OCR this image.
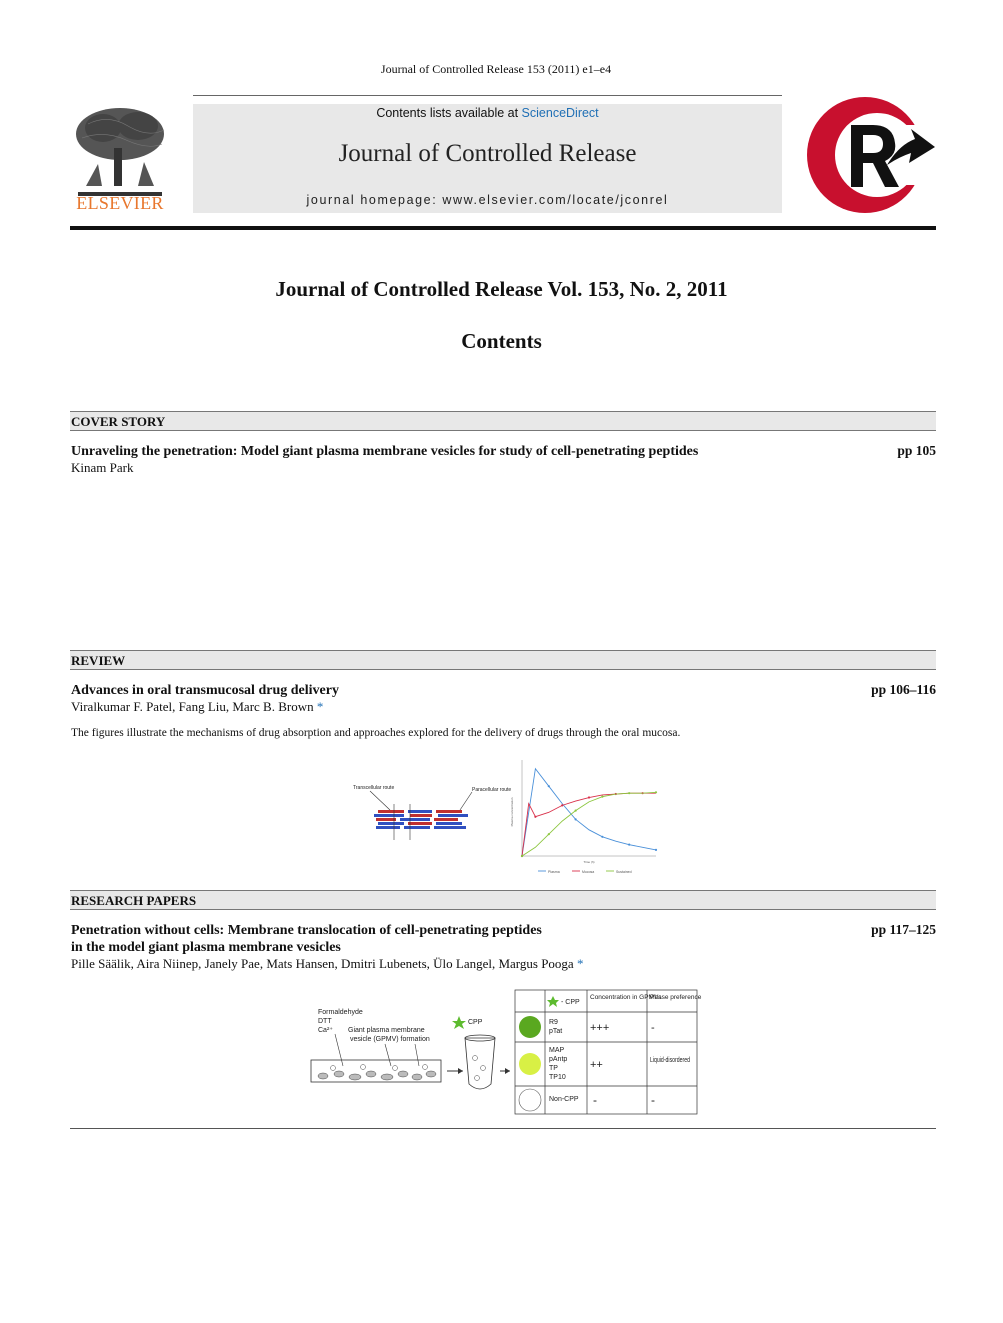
Journal of Controlled Release 153 (2011) e1–e4
ELSEVIER
Contents lists available at ScienceDirect
Journal of Controlled Release
journal homepage: www.elsevier.com/locate/jconrel
Journal of Controlled Release Vol. 153, No. 2, 2011
Contents
COVER STORY
Unraveling the penetration: Model giant plasma membrane vesicles for study of cell-penetrating peptides	pp 105
Kinam Park
REVIEW
Advances in oral transmucosal drug delivery	pp 106–116
Viralkumar F. Patel, Fang Liu, Marc B. Brown *
The figures illustrate the mechanisms of drug absorption and approaches explored for the delivery of drugs through the oral mucosa.
Transcellular route	Paracellular route
Plasma concentration
Time (h)
Plasma	Mucosa	Sustained
RESEARCH PAPERS
Penetration without cells: Membrane translocation of cell-penetrating peptides
in the model giant plasma membrane vesicles
pp 117–125
Pille Säälik, Aira Niinep, Janely Pae, Mats Hansen, Dmitri Lubenets, Ülo Langel, Margus Pooga *
Formaldehyde
DTT
Ca²⁺ Giant plasma membrane
vesicle (GPMV) formation
CPP
- CPP
Concentration in GPMVs
Phase preference
R9
pTat	+++	-
MAP
pAntp
TP
TP10
++	Liquid-disordered
Non-CPP -	-
